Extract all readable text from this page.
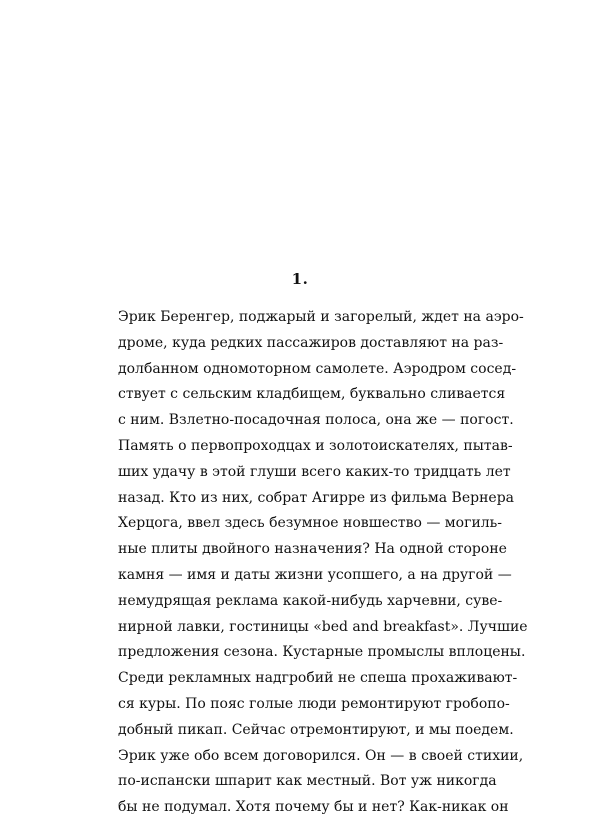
1.
Эрик Беренгер, поджарый и загорелый, ждет на аэро-
дроме, куда редких пассажиров доставляют на раз-
долбанном одномоторном самолете. Аэродром сосед-
ствует с сельским кладбищем, буквально сливается
с ним. Взлетно-посадочная полоса, она же — погост.
Память о первопроходцах и золотоискателях, пытав-
ших удачу в этой глуши всего каких-то тридцать лет
назад. Кто из них, собрат Агирре из фильма Вернера
Херцога, ввел здесь безумное новшество — могиль-
ные плиты двойного назначения? На одной стороне
камня — имя и даты жизни усопшего, а на другой —
немудрящая реклама какой-нибудь харчевни, суве-
нирной лавки, гостиницы «bed and breakfast». Лучшие
предложения сезона. Кустарные промыслы вплоцены.
Среди рекламных надгробий не спеша прохаживают-
ся куры. По пояс голые люди ремонтируют гробопо-
добный пикап. Сейчас отремонтируют, и мы поедем.
Эрик уже обо всем договорился. Он — в своей стихии,
по-испански шпарит как местный. Вот уж никогда
бы не подумал. Хотя почему бы и нет? Как-никак он
